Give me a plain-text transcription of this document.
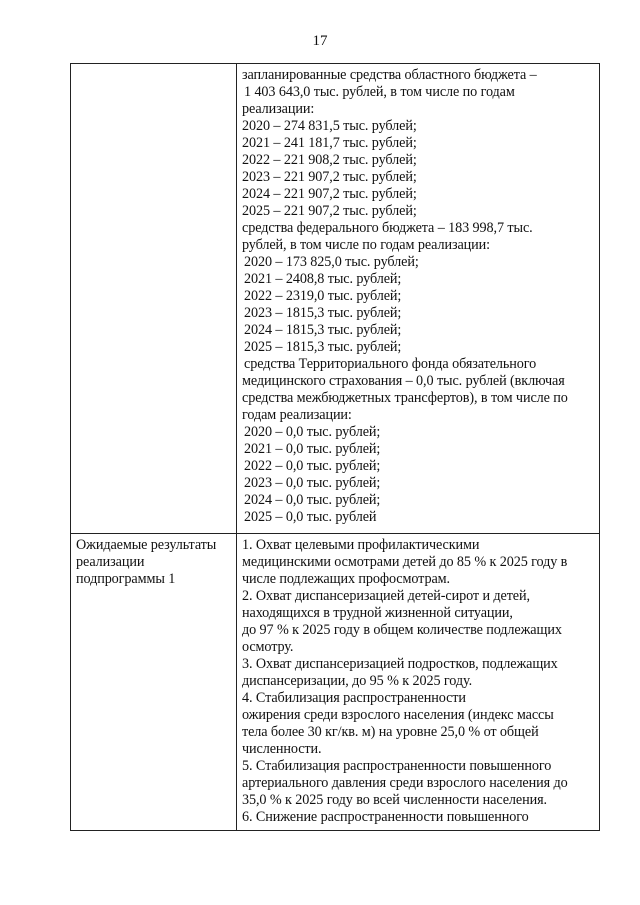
17
запланированные средства областного бюджета –
1 403 643,0 тыс. рублей, в том числе по годам
реализации:
2020 – 274 831,5 тыс. рублей;
2021 – 241 181,7 тыс. рублей;
2022 – 221 908,2 тыс. рублей;
2023 – 221 907,2 тыс. рублей;
2024 – 221 907,2 тыс. рублей;
2025 – 221 907,2 тыс. рублей;
средства федерального бюджета – 183 998,7 тыс.
рублей, в том числе по годам реализации:
2020 – 173 825,0 тыс. рублей;
2021 – 2408,8 тыс. рублей;
2022 – 2319,0 тыс. рублей;
2023 – 1815,3 тыс. рублей;
2024 – 1815,3 тыс. рублей;
2025 – 1815,3 тыс. рублей;
средства Территориального фонда обязательного
медицинского страхования – 0,0 тыс. рублей (включая
средства межбюджетных трансфертов), в том числе по
годам реализации:
2020 – 0,0 тыс. рублей;
2021 – 0,0 тыс. рублей;
2022 – 0,0 тыс. рублей;
2023 – 0,0 тыс. рублей;
2024 – 0,0 тыс. рублей;
2025 – 0,0 тыс. рублей
Ожидаемые результаты
реализации
подпрограммы 1
1. Охват целевыми профилактическими
медицинскими осмотрами детей до 85 % к 2025 году в
числе подлежащих профосмотрам.
2. Охват диспансеризацией детей-сирот и детей,
находящихся в трудной жизненной ситуации,
до 97 % к 2025 году в общем количестве подлежащих
осмотру.
3. Охват диспансеризацией подростков, подлежащих
диспансеризации, до 95 % к 2025 году.
4. Стабилизация распространенности
ожирения среди взрослого населения (индекс массы
тела более 30 кг/кв. м) на уровне 25,0 % от общей
численности.
5. Стабилизация распространенности повышенного
артериального давления среди взрослого населения до
35,0 % к 2025 году во всей численности населения.
6. Снижение распространенности повышенного
